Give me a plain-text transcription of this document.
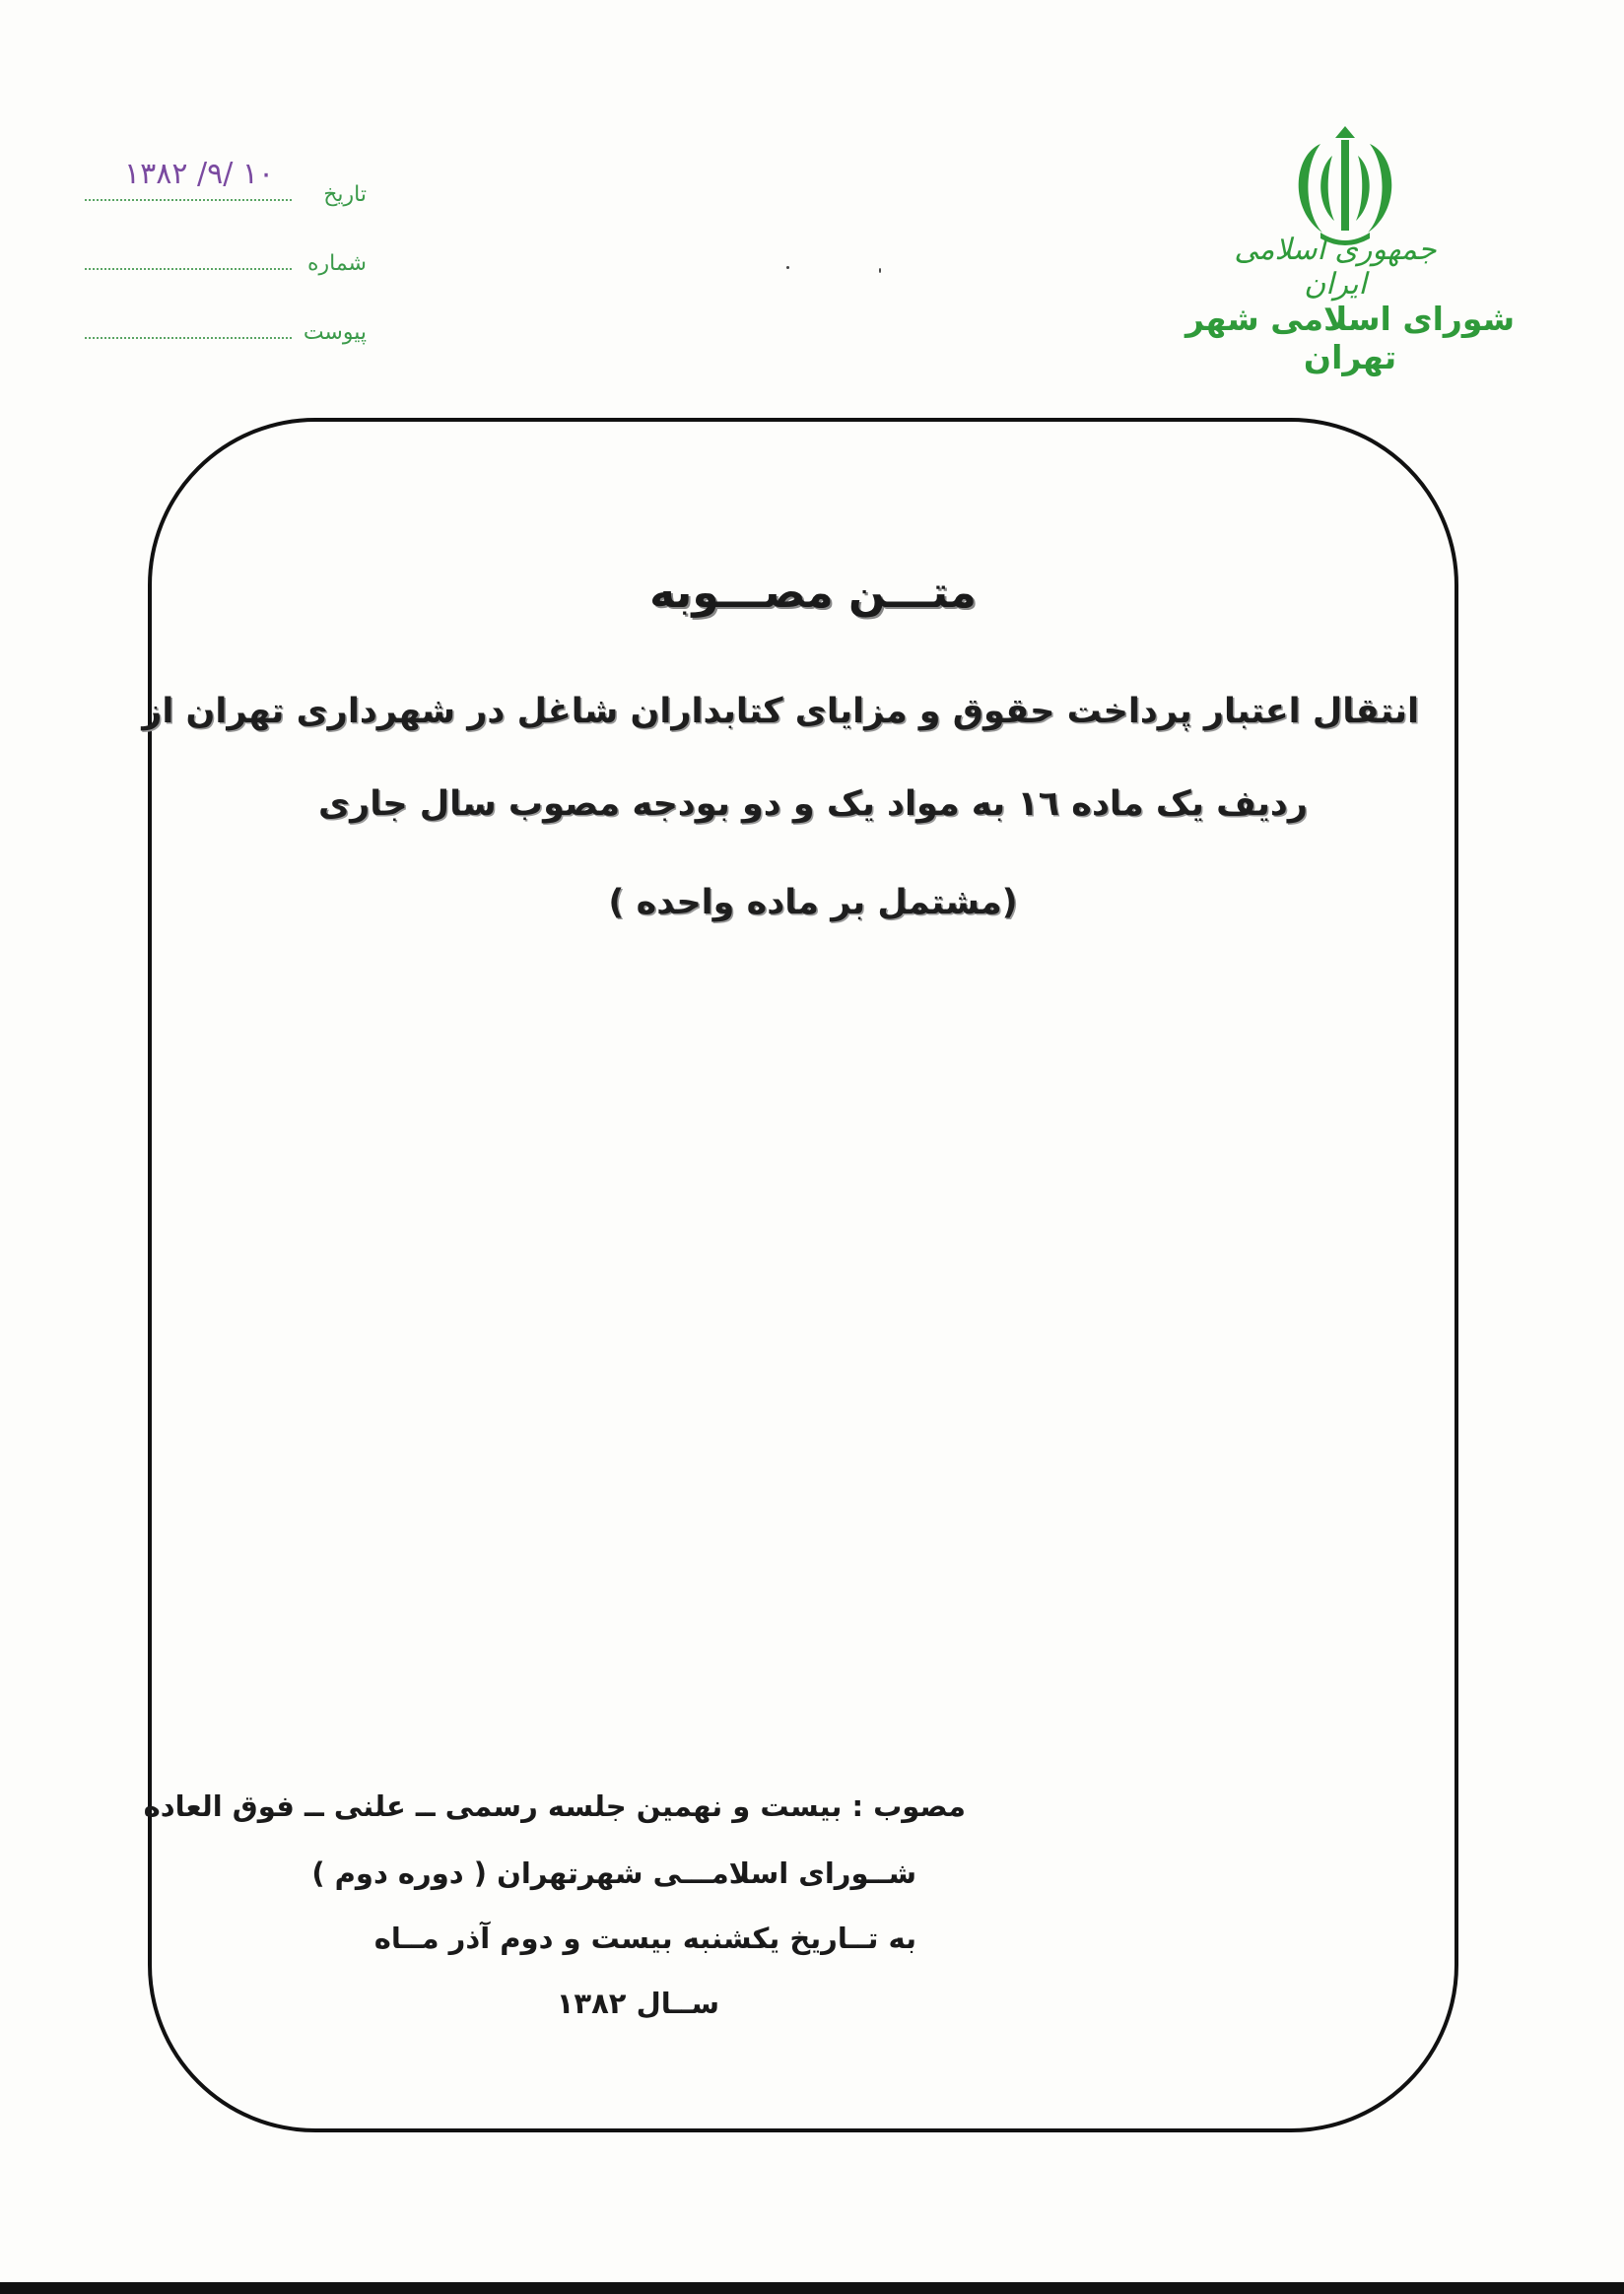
جمهوری اسلامی ایران
شورای اسلامی شهر تهران
تاریخ
۱۰ /۹/ ۱۳۸۲
شماره
پیوست
متـــن مصـــوبه
انتقال اعتبار پرداخت حقوق و مزایای کتابداران شاغل در شهرداری تهران از
ردیف یک ماده ١٦ به مواد یک و دو بودجه مصوب سال جاری
(مشتمل بر ماده واحده )
مصوب : بیست و نهمین جلسه رسمی ــ علنی ــ فوق العاده
شــورای اسلامـــی شهرتهران ( دوره دوم )
به تــاریخ یکشنبه بیست و دوم آذر مــاه
ســال ١٣٨٢
